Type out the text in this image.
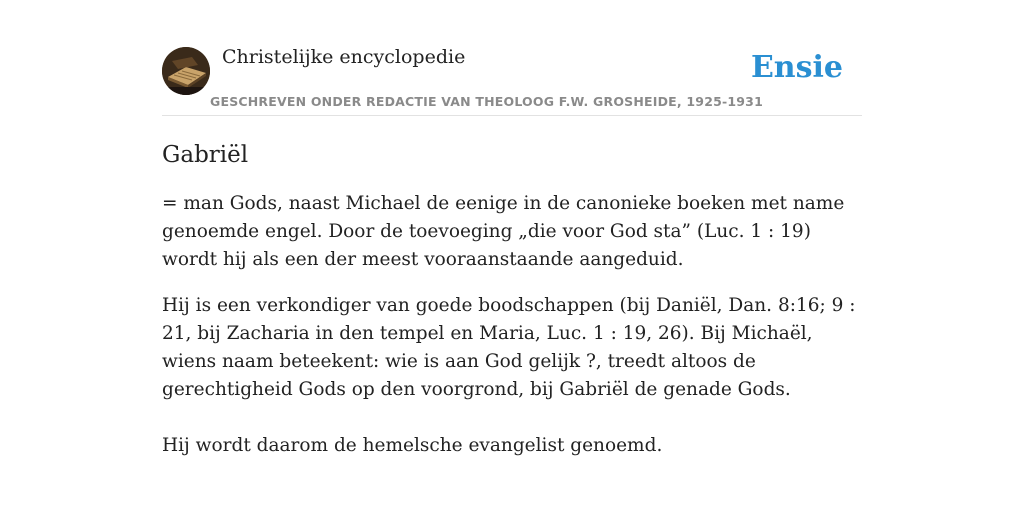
Christelijke encyclopedie
GESCHREVEN ONDER REDACTIE VAN THEOLOOG F.W. GROSHEIDE, 1925-1931
Ensie
Gabriël

= man Gods, naast Michael de eenige in de canonieke boeken met name genoemde engel. Door de toevoeging „die voor God sta” (Luc. 1 : 19) wordt hij als een der meest vooraanstaande aangeduid.

Hij is een verkondiger van goede boodschappen (bij Daniël, Dan. 8:16; 9 : 21, bij Zacharia in den tempel en Maria, Luc. 1 : 19, 26). Bij Michaël, wiens naam beteekent: wie is aan God gelijk ?, treedt altoos de gerechtigheid Gods op den voorgrond, bij Gabriël de genade Gods.

Hij wordt daarom de hemelsche evangelist genoemd.
